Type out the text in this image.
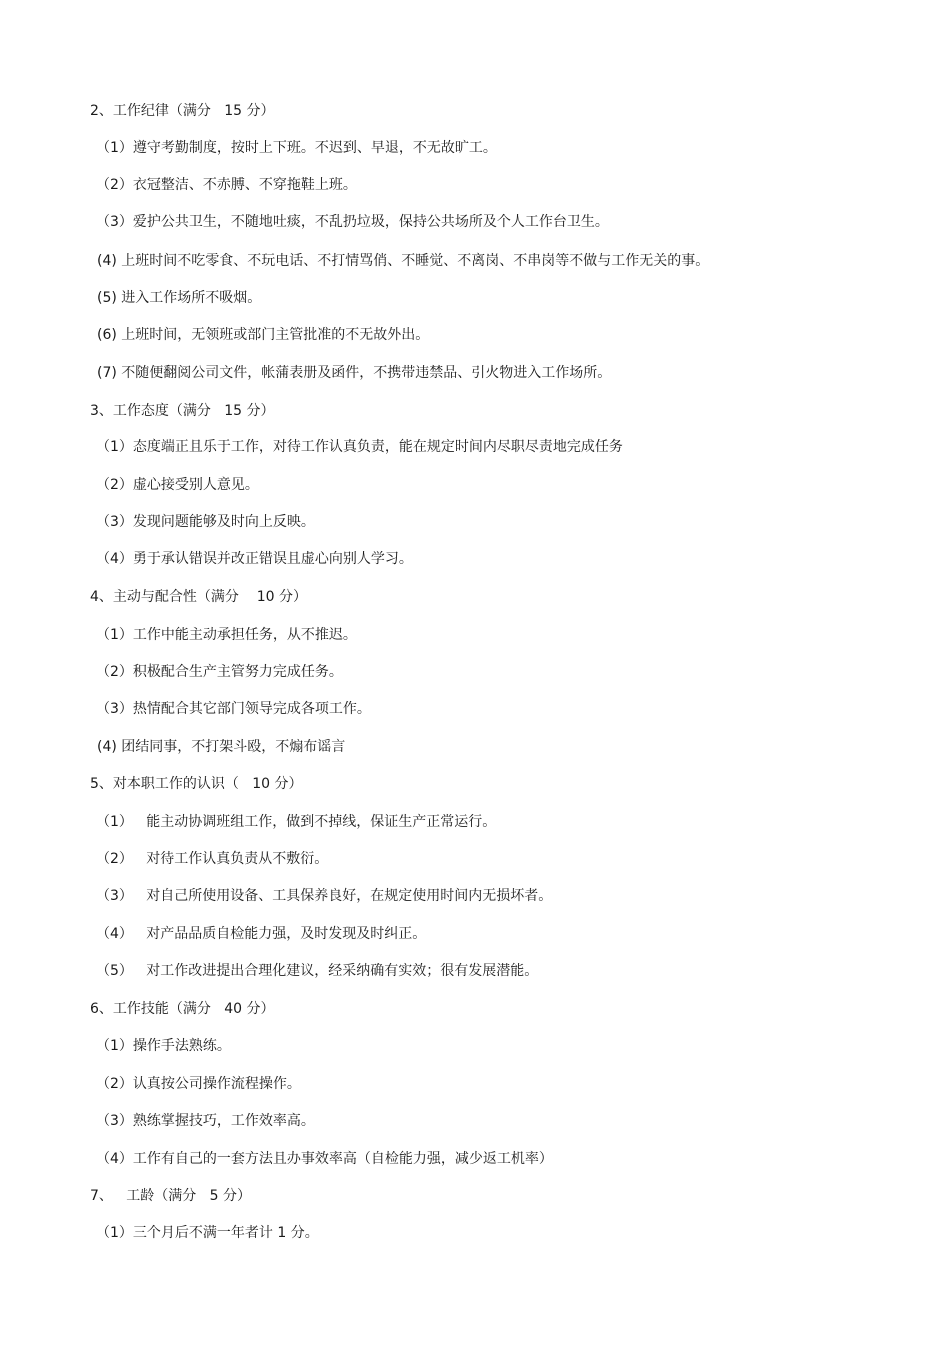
2、工作纪律（满分   15 分）
（1）遵守考勤制度，按时上下班。不迟到、早退，不无故旷工。
（2）衣冠整洁、不赤膊、不穿拖鞋上班。
（3）爱护公共卫生，不随地吐痰，不乱扔垃圾，保持公共场所及个人工作台卫生。
(4) 上班时间不吃零食、不玩电话、不打情骂俏、不睡觉、不离岗、不串岗等不做与工作无关的事。
(5) 进入工作场所不吸烟。
(6) 上班时间，无领班或部门主管批准的不无故外出。
(7) 不随便翻阅公司文件，帐蒲表册及函件，不携带违禁品、引火物进入工作场所。
3、工作态度（满分   15 分）
（1）态度端正且乐于工作，对待工作认真负责，能在规定时间内尽职尽责地完成任务
（2）虚心接受别人意见。
（3）发现问题能够及时向上反映。
（4）勇于承认错误并改正错误且虚心向别人学习。
4、主动与配合性（满分    10 分）
（1）工作中能主动承担任务，从不推迟。
（2）积极配合生产主管努力完成任务。
（3）热情配合其它部门领导完成各项工作。
(4) 团结同事，不打架斗殴，不煽布谣言
5、对本职工作的认识（   10 分）
（1）   能主动协调班组工作，做到不掉线，保证生产正常运行。
（2）   对待工作认真负责从不敷衍。
（3）   对自己所使用设备、工具保养良好，在规定使用时间内无损坏者。
（4）   对产品品质自检能力强，及时发现及时纠正。
（5）   对工作改进提出合理化建议，经采纳确有实效；很有发展潜能。
6、工作技能（满分   40 分）
（1）操作手法熟练。
（2）认真按公司操作流程操作。
（3）熟练掌握技巧，工作效率高。
（4）工作有自己的一套方法且办事效率高（自检能力强，减少返工机率）
7、   工龄（满分   5 分）
（1）三个月后不满一年者计 1 分。
